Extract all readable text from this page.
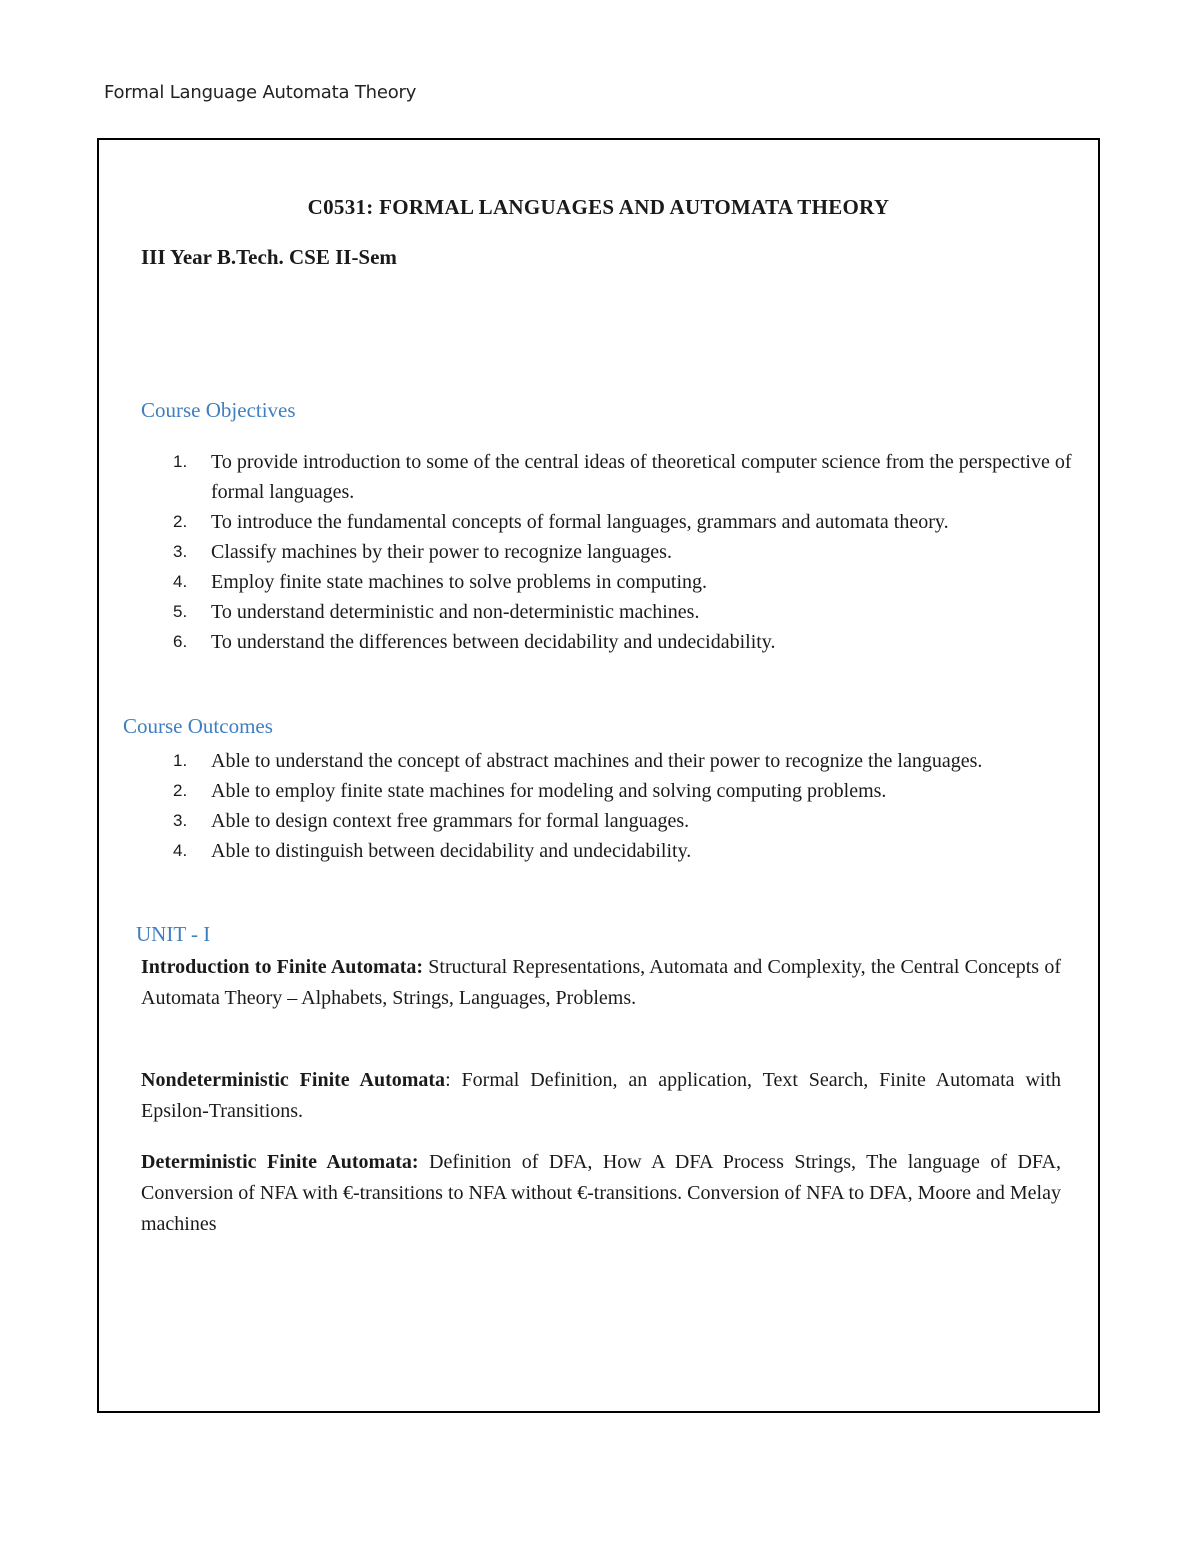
Formal Language Automata Theory
C0531: FORMAL LANGUAGES AND AUTOMATA THEORY
III Year B.Tech. CSE II-Sem
Course Objectives
1. To provide introduction to some of the central ideas of theoretical computer science from the perspective of formal languages.
2. To introduce the fundamental concepts of formal languages, grammars and automata theory.
3. Classify machines by their power to recognize languages.
4. Employ finite state machines to solve problems in computing.
5. To understand deterministic and non-deterministic machines.
6. To understand the differences between decidability and undecidability.
Course Outcomes
1. Able to understand the concept of abstract machines and their power to recognize the languages.
2. Able to employ finite state machines for modeling and solving computing problems.
3. Able to design context free grammars for formal languages.
4. Able to distinguish between decidability and undecidability.
UNIT - I

Introduction to Finite Automata: Structural Representations, Automata and Complexity, the Central Concepts of Automata Theory – Alphabets, Strings, Languages, Problems.

Nondeterministic Finite Automata: Formal Definition, an application, Text Search, Finite Automata with Epsilon-Transitions.

Deterministic Finite Automata: Definition of DFA, How A DFA Process Strings, The language of DFA, Conversion of NFA with €-transitions to NFA without €-transitions. Conversion of NFA to DFA, Moore and Melay machines
